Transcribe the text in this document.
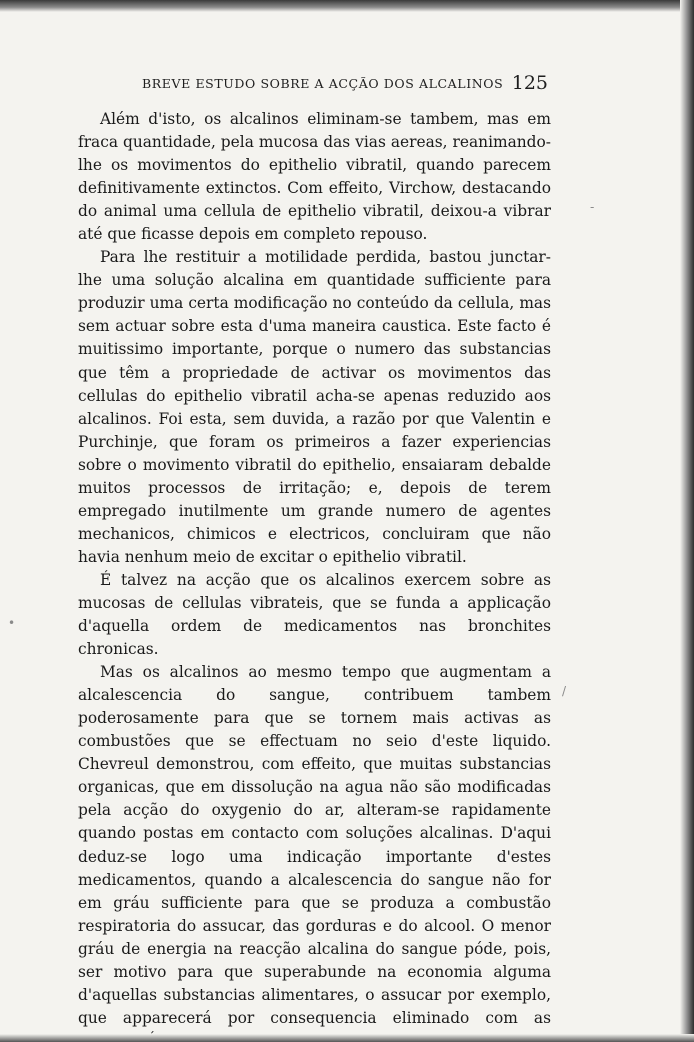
BREVE ESTUDO SOBRE A ACÇÃO DOS ALCALINOS 125

Além d'isto, os alcalinos eliminam-se tambem, mas em fraca quantidade, pela mucosa das vias aereas, reanimando-lhe os movimentos do epithelio vibratil, quando parecem definitivamente extinctos. Com effeito, Virchow, destacando do animal uma cellula de epithelio vibratil, deixou-a vibrar até que ficasse depois em completo repouso.

Para lhe restituir a motilidade perdida, bastou junctar-lhe uma solução alcalina em quantidade sufficiente para produzir uma certa modificação no conteúdo da cellula, mas sem actuar sobre esta d'uma maneira caustica. Este facto é muitissimo importante, porque o numero das substancias que têm a propriedade de activar os movimentos das cellulas do epithelio vibratil acha-se apenas reduzido aos alcalinos. Foi esta, sem duvida, a razão por que Valentin e Purchinje, que foram os primeiros a fazer experiencias sobre o movimento vibratil do epithelio, ensaiaram debalde muitos processos de irritação; e, depois de terem empregado inutilmente um grande numero de agentes mechanicos, chimicos e electricos, concluiram que não havia nenhum meio de excitar o epithelio vibratil.

É talvez na acção que os alcalinos exercem sobre as mucosas de cellulas vibrateis, que se funda a applicação d'aquella ordem de medicamentos nas bronchites chronicas.

Mas os alcalinos ao mesmo tempo que augmentam a alcalescencia do sangue, contribuem tambem poderosamente para que se tornem mais activas as combustões que se effectuam no seio d'este liquido. Chevreul demonstrou, com effeito, que muitas substancias organicas, que em dissolução na agua não são modificadas pela acção do oxygenio do ar, alteram-se rapidamente quando postas em contacto com soluções alcalinas. D'aqui deduz-se logo uma indicação importante d'estes medicamentos, quando a alcalescencia do sangue não for em gráu sufficiente para que se produza a combustão respiratoria do assucar, das gorduras e do alcool. O menor gráu de energia na reacção alcalina do sangue póde, pois, ser motivo para que superabunde na economia alguma d'aquellas substancias alimentares, o assucar por exemplo, que apparecerá por consequencia eliminado com as

•
-
/
